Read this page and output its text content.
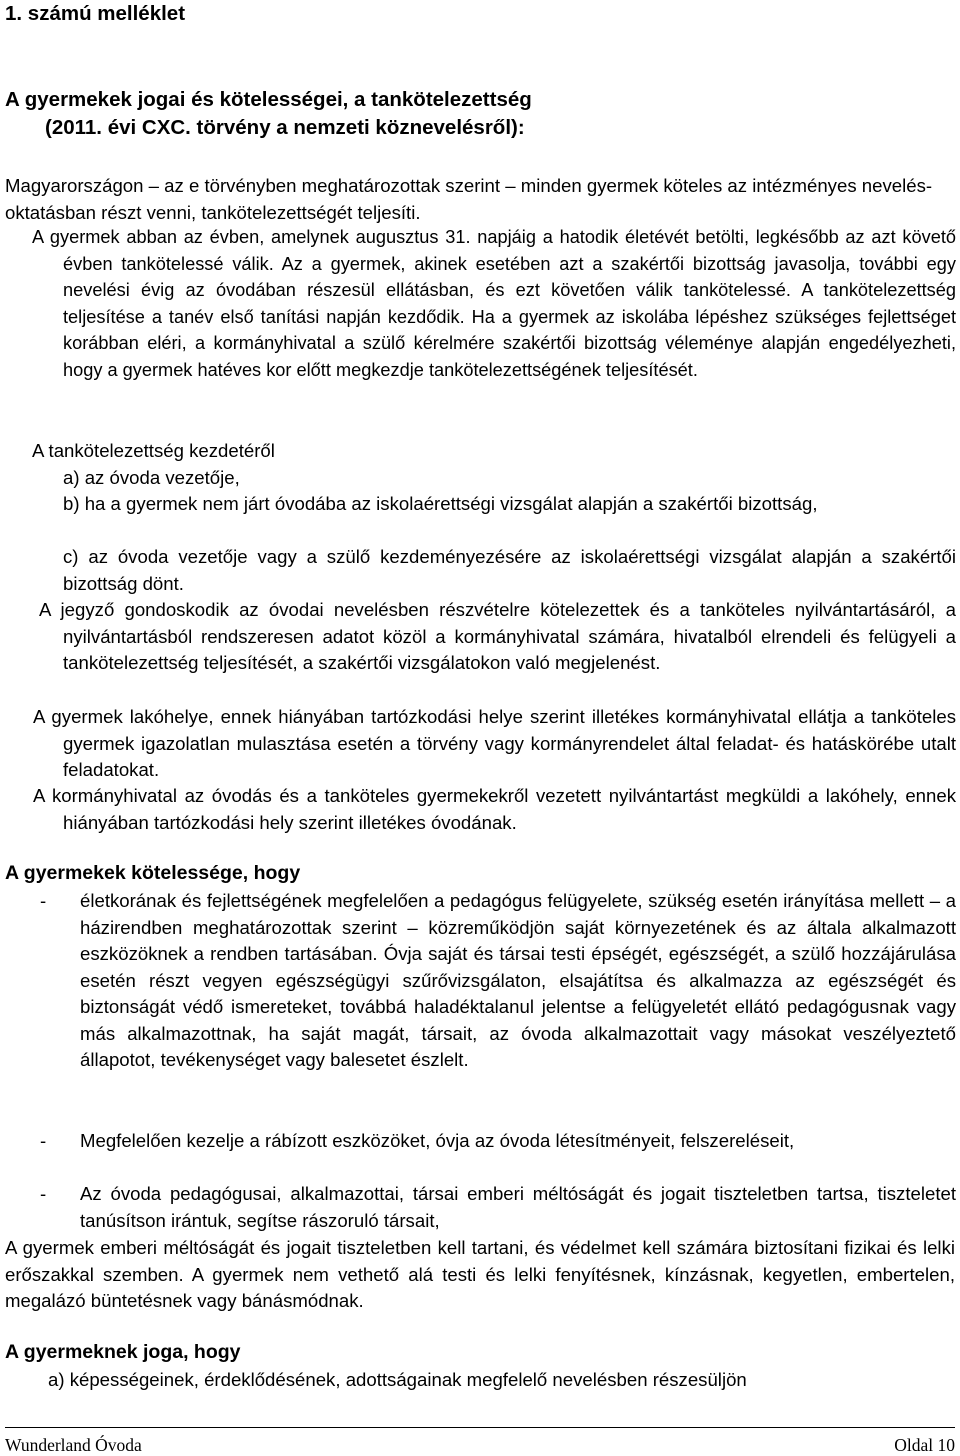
1. számú melléklet
A gyermekek jogai és kötelességei, a tankötelezettség
(2011. évi CXC. törvény a nemzeti köznevelésről):
Magyarországon – az e törvényben meghatározottak szerint – minden gyermek köteles az intézményes nevelés-oktatásban részt venni, tankötelezettségét teljesíti.
A gyermek abban az évben, amelynek augusztus 31. napjáig a hatodik életévét betölti, legkésőbb az azt követő évben tankötelessé válik. Az a gyermek, akinek esetében azt a szakértői bizottság javasolja, további egy nevelési évig az óvodában részesül ellátásban, és ezt követően válik tankötelessé. A tankötelezettség teljesítése a tanév első tanítási napján kezdődik. Ha a gyermek az iskolába lépéshez szükséges fejlettséget korábban eléri, a kormányhivatal a szülő kérelmére szakértői bizottság véleménye alapján engedélyezheti, hogy a gyermek hatéves kor előtt megkezdje tankötelezettségének teljesítését.
A tankötelezettség kezdetéről
a) az óvoda vezetője,
b) ha a gyermek nem járt óvodába az iskolaérettségi vizsgálat alapján a szakértői bizottság,
c) az óvoda vezetője vagy a szülő kezdeményezésére az iskolaérettségi vizsgálat alapján a szakértői bizottság dönt.
A jegyző gondoskodik az óvodai nevelésben részvételre kötelezettek és a tanköteles nyilvántartásáról, a nyilvántartásból rendszeresen adatot közöl a kormányhivatal számára, hivatalból elrendeli és felügyeli a tankötelezettség teljesítését, a szakértői vizsgálatokon való megjelenést.
A gyermek lakóhelye, ennek hiányában tartózkodási helye szerint illetékes kormányhivatal ellátja a tanköteles gyermek igazolatlan mulasztása esetén a törvény vagy kormányrendelet által feladat- és hatáskörébe utalt feladatokat.
A kormányhivatal az óvodás és a tanköteles gyermekekről vezetett nyilvántartást megküldi a lakóhely, ennek hiányában tartózkodási hely szerint illetékes óvodának.
A gyermekek kötelessége, hogy
- életkorának és fejlettségének megfelelően a pedagógus felügyelete, szükség esetén irányítása mellett – a házirendben meghatározottak szerint – közreműködjön saját környezetének és az általa alkalmazott eszközöknek a rendben tartásában. Óvja saját és társai testi épségét, egészségét, a szülő hozzájárulása esetén részt vegyen egészségügyi szűrővizsgálaton, elsajátítsa és alkalmazza az egészségét és biztonságát védő ismereteket, továbbá haladéktalanul jelentse a felügyeletét ellátó pedagógusnak vagy más alkalmazottnak, ha saját magát, társait, az óvoda alkalmazottait vagy másokat veszélyeztető állapotot, tevékenységet vagy balesetet észlelt.
- Megfelelően kezelje a rábízott eszközöket, óvja az óvoda létesítményeit, felszereléseit,
- Az óvoda pedagógusai, alkalmazottai, társai emberi méltóságát és jogait tiszteletben tartsa, tiszteletet tanúsítson irántuk, segítse rászoruló társait,
A gyermek emberi méltóságát és jogait tiszteletben kell tartani, és védelmet kell számára biztosítani fizikai és lelki erőszakkal szemben. A gyermek nem vethető alá testi és lelki fenyítésnek, kínzásnak, kegyetlen, embertelen, megalázó büntetésnek vagy bánásmódnak.
A gyermeknek joga, hogy
a) képességeinek, érdeklődésének, adottságainak megfelelő nevelésben részesüljön
Wunderland Óvoda	Oldal 10
